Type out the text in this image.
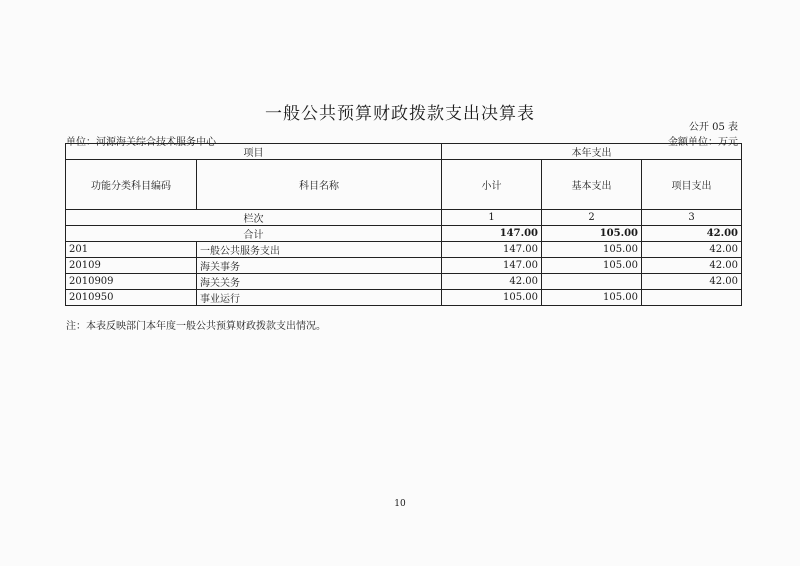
一般公共预算财政拨款支出决算表
公开 05 表
单位：河源海关综合技术服务中心	金额单位：万元
项目		本年支出		
功能分类科目编码	科目名称	小计	基本支出	项目支出
栏次		1	2	3
合计		147.00	105.00	42.00
201	一般公共服务支出	147.00	105.00	42.00
20109	海关事务	147.00	105.00	42.00
2010909	海关关务	42.00		42.00
2010950	事业运行	105.00	105.00	
注：本表反映部门本年度一般公共预算财政拨款支出情况。
10
